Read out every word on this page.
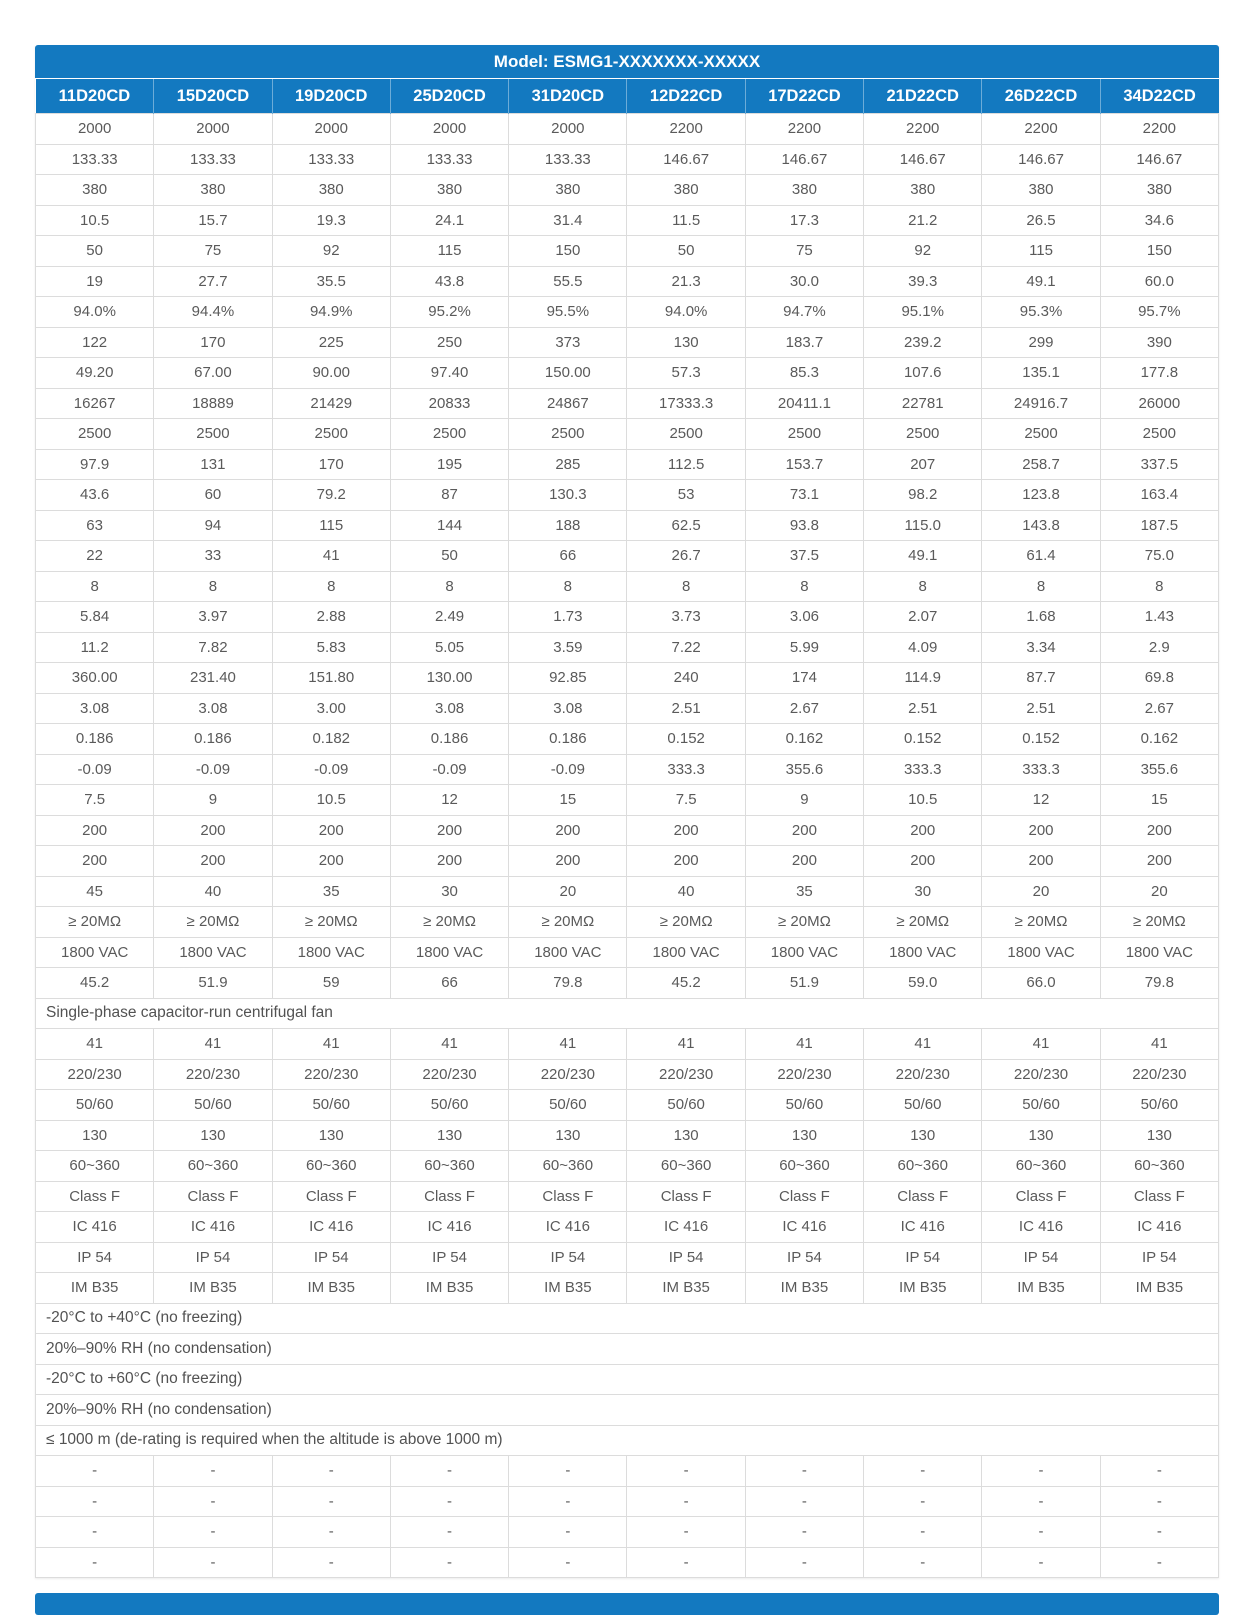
Model: ESMG1-XXXXXXX-XXXXX
11D20CD	15D20CD	19D20CD	25D20CD	31D20CD	12D22CD	17D22CD	21D22CD	26D22CD	34D22CD
2000	2000	2000	2000	2000	2200	2200	2200	2200	2200
133.33	133.33	133.33	133.33	133.33	146.67	146.67	146.67	146.67	146.67
380	380	380	380	380	380	380	380	380	380
10.5	15.7	19.3	24.1	31.4	11.5	17.3	21.2	26.5	34.6
50	75	92	115	150	50	75	92	115	150
19	27.7	35.5	43.8	55.5	21.3	30.0	39.3	49.1	60.0
94.0%	94.4%	94.9%	95.2%	95.5%	94.0%	94.7%	95.1%	95.3%	95.7%
122	170	225	250	373	130	183.7	239.2	299	390
49.20	67.00	90.00	97.40	150.00	57.3	85.3	107.6	135.1	177.8
16267	18889	21429	20833	24867	17333.3	20411.1	22781	24916.7	26000
2500	2500	2500	2500	2500	2500	2500	2500	2500	2500
97.9	131	170	195	285	112.5	153.7	207	258.7	337.5
43.6	60	79.2	87	130.3	53	73.1	98.2	123.8	163.4
63	94	115	144	188	62.5	93.8	115.0	143.8	187.5
22	33	41	50	66	26.7	37.5	49.1	61.4	75.0
8	8	8	8	8	8	8	8	8	8
5.84	3.97	2.88	2.49	1.73	3.73	3.06	2.07	1.68	1.43
11.2	7.82	5.83	5.05	3.59	7.22	5.99	4.09	3.34	2.9
360.00	231.40	151.80	130.00	92.85	240	174	114.9	87.7	69.8
3.08	3.08	3.00	3.08	3.08	2.51	2.67	2.51	2.51	2.67
0.186	0.186	0.182	0.186	0.186	0.152	0.162	0.152	0.152	0.162
-0.09	-0.09	-0.09	-0.09	-0.09	333.3	355.6	333.3	333.3	355.6
7.5	9	10.5	12	15	7.5	9	10.5	12	15
200	200	200	200	200	200	200	200	200	200
200	200	200	200	200	200	200	200	200	200
45	40	35	30	20	40	35	30	20	20
≥ 20MΩ	≥ 20MΩ	≥ 20MΩ	≥ 20MΩ	≥ 20MΩ	≥ 20MΩ	≥ 20MΩ	≥ 20MΩ	≥ 20MΩ	≥ 20MΩ
1800 VAC	1800 VAC	1800 VAC	1800 VAC	1800 VAC	1800 VAC	1800 VAC	1800 VAC	1800 VAC	1800 VAC
45.2	51.9	59	66	79.8	45.2	51.9	59.0	66.0	79.8
Single-phase capacitor-run centrifugal fan									
41	41	41	41	41	41	41	41	41	41
220/230	220/230	220/230	220/230	220/230	220/230	220/230	220/230	220/230	220/230
50/60	50/60	50/60	50/60	50/60	50/60	50/60	50/60	50/60	50/60
130	130	130	130	130	130	130	130	130	130
60~360	60~360	60~360	60~360	60~360	60~360	60~360	60~360	60~360	60~360
Class F	Class F	Class F	Class F	Class F	Class F	Class F	Class F	Class F	Class F
IC 416	IC 416	IC 416	IC 416	IC 416	IC 416	IC 416	IC 416	IC 416	IC 416
IP 54	IP 54	IP 54	IP 54	IP 54	IP 54	IP 54	IP 54	IP 54	IP 54
IM B35	IM B35	IM B35	IM B35	IM B35	IM B35	IM B35	IM B35	IM B35	IM B35
-20°C to +40°C (no freezing)									
20%–90% RH (no condensation)									
-20°C to +60°C (no freezing)									
20%–90% RH (no condensation)									
≤ 1000 m (de-rating is required when the altitude is above 1000 m)									
-	-	-	-	-	-	-	-	-	-
-	-	-	-	-	-	-	-	-	-
-	-	-	-	-	-	-	-	-	-
-	-	-	-	-	-	-	-	-	-
